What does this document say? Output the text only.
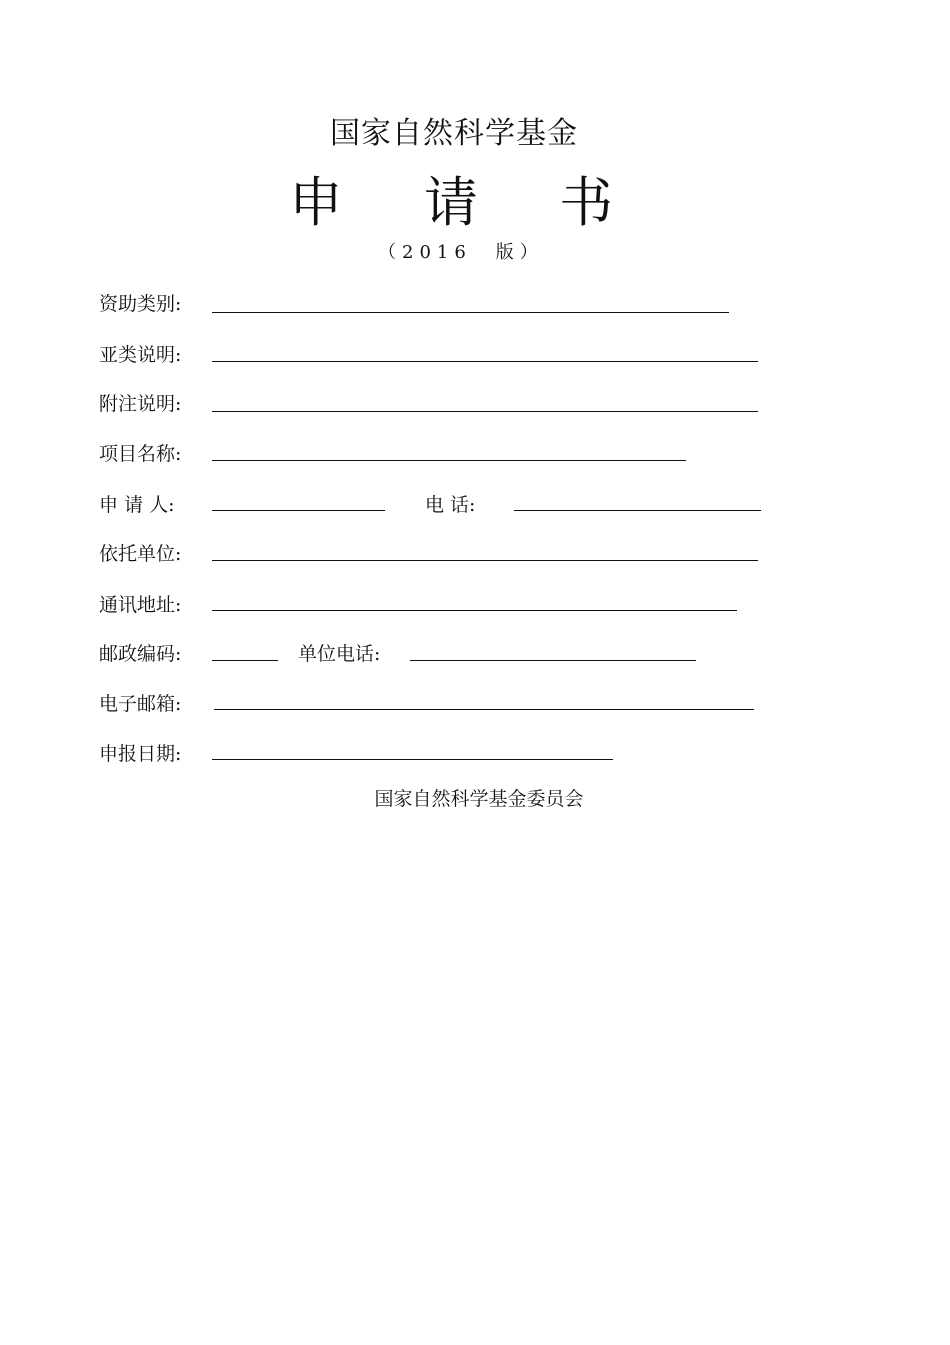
国家自然科学基金
申 请 书
（2016　版）
资助类别:
亚类说明:
附注说明:
项目名称:
申 请 人:	电 话:
依托单位:
通讯地址:
邮政编码:	单位电话:
电子邮箱:
申报日期:
国家自然科学基金委员会
